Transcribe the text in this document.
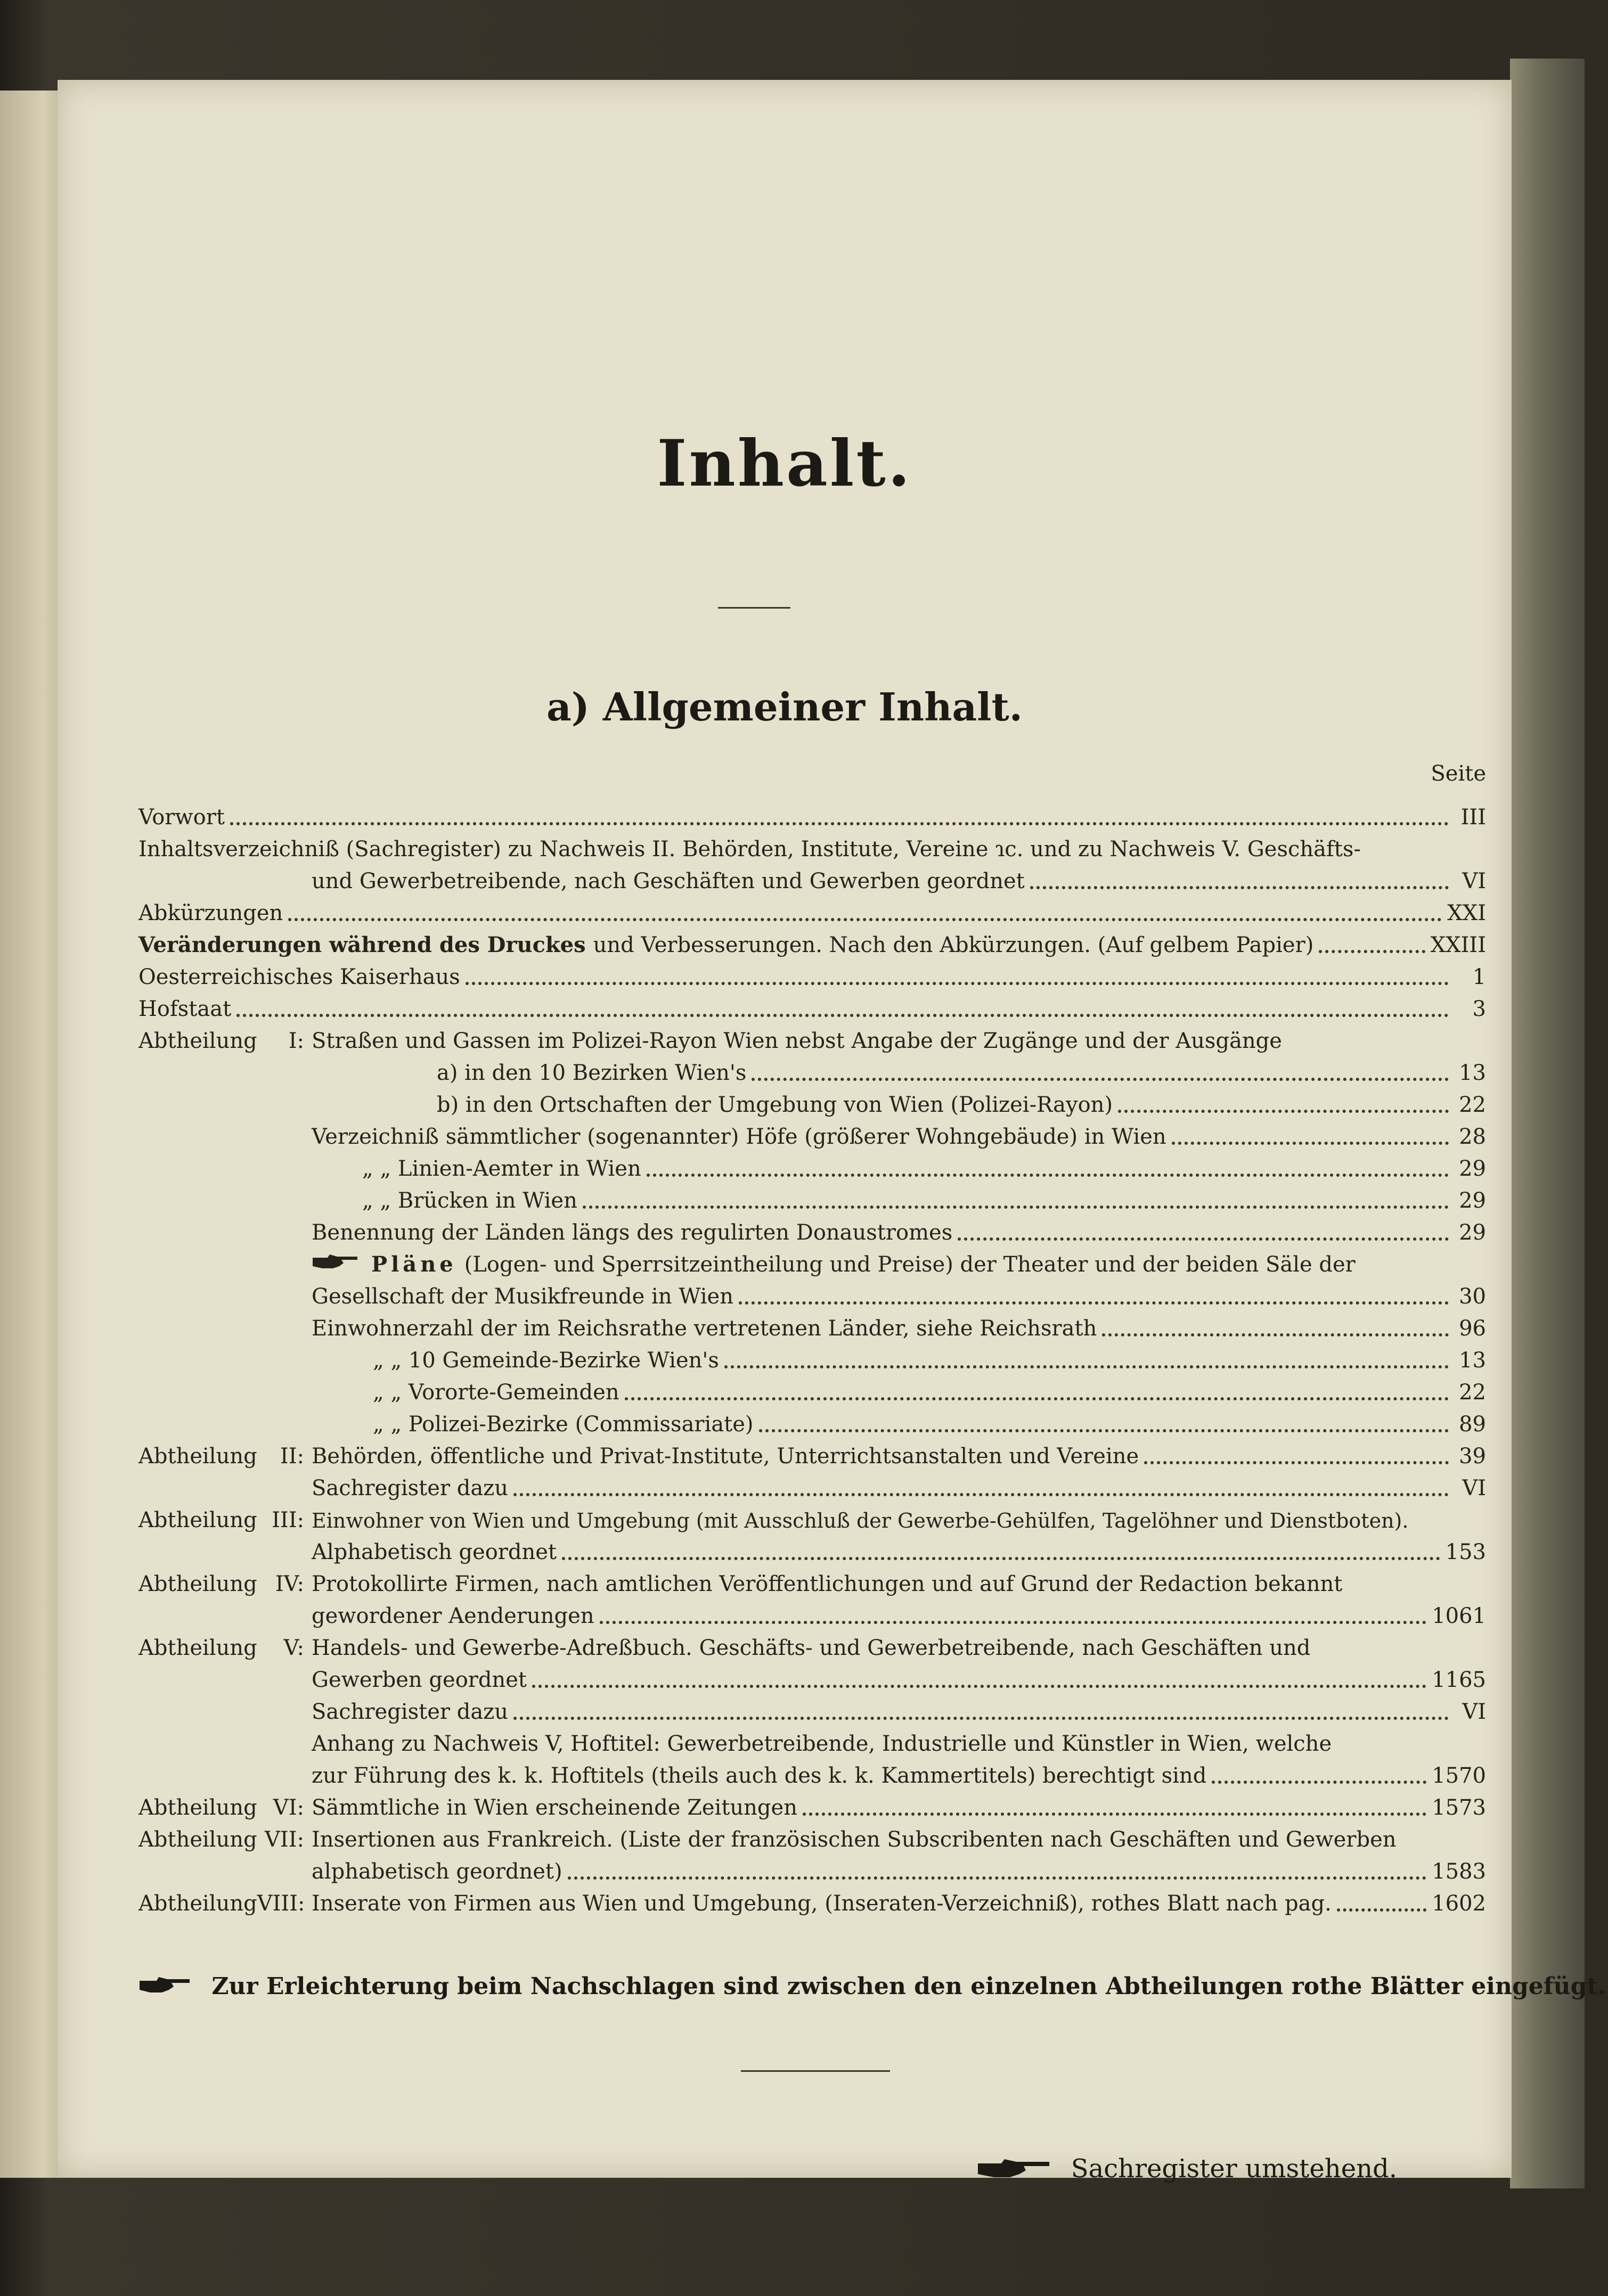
Inhalt.
a) Allgemeiner Inhalt.
Seite
Vorwort	III
Inhaltsverzeichniß (Sachregister) zu Nachweis II. Behörden, Institute, Vereine ɿc. und zu Nachweis V. Geschäfts-
und Gewerbetreibende, nach Geschäften und Gewerben geordnet	VI
Abkürzungen	XXI
Veränderungen während des Druckes und Verbesserungen. Nach den Abkürzungen. (Auf gelbem Papier)	XXIII
Oesterreichisches Kaiserhaus	1
Hofstaat	3
Abtheilung I: Straßen und Gassen im Polizei-Rayon Wien nebst Angabe der Zugänge und der Ausgänge
a) in den 10 Bezirken Wien's	13
b) in den Ortschaften der Umgebung von Wien (Polizei-Rayon)	22
Verzeichniß sämmtlicher (sogenannter) Höfe (größerer Wohngebäude) in Wien	28
„ „ Linien-Aemter in Wien	29
„ „ Brücken in Wien	29
Benennung der Länden längs des regulirten Donaustromes	29
Pläne (Logen- und Sperrsitzeintheilung und Preise) der Theater und der beiden Säle der
Gesellschaft der Musikfreunde in Wien	30
Einwohnerzahl der im Reichsrathe vertretenen Länder, siehe Reichsrath	96
„ „ 10 Gemeinde-Bezirke Wien's	13
„ „ Vororte-Gemeinden	22
„ „ Polizei-Bezirke (Commissariate)	89
Abtheilung II: Behörden, öffentliche und Privat-Institute, Unterrichtsanstalten und Vereine	39
Sachregister dazu	VI
Abtheilung III: Einwohner von Wien und Umgebung (mit Ausschluß der Gewerbe-Gehülfen, Tagelöhner und Dienstboten).
Alphabetisch geordnet	153
Abtheilung IV: Protokollirte Firmen, nach amtlichen Veröffentlichungen und auf Grund der Redaction bekannt
gewordener Aenderungen	1061
Abtheilung V: Handels- und Gewerbe-Adreßbuch. Geschäfts- und Gewerbetreibende, nach Geschäften und
Gewerben geordnet	1165
Sachregister dazu	VI
Anhang zu Nachweis V, Hoftitel: Gewerbetreibende, Industrielle und Künstler in Wien, welche
zur Führung des k. k. Hoftitels (theils auch des k. k. Kammertitels) berechtigt sind	1570
Abtheilung VI: Sämmtliche in Wien erscheinende Zeitungen	1573
Abtheilung VII: Insertionen aus Frankreich. (Liste der französischen Subscribenten nach Geschäften und Gewerben
alphabetisch geordnet)	1583
Abtheilung VIII: Inserate von Firmen aus Wien und Umgebung, (Inseraten-Verzeichniß), rothes Blatt nach pag.	1602
Zur Erleichterung beim Nachschlagen sind zwischen den einzelnen Abtheilungen rothe Blätter eingefügt.
Sachregister umstehend.
